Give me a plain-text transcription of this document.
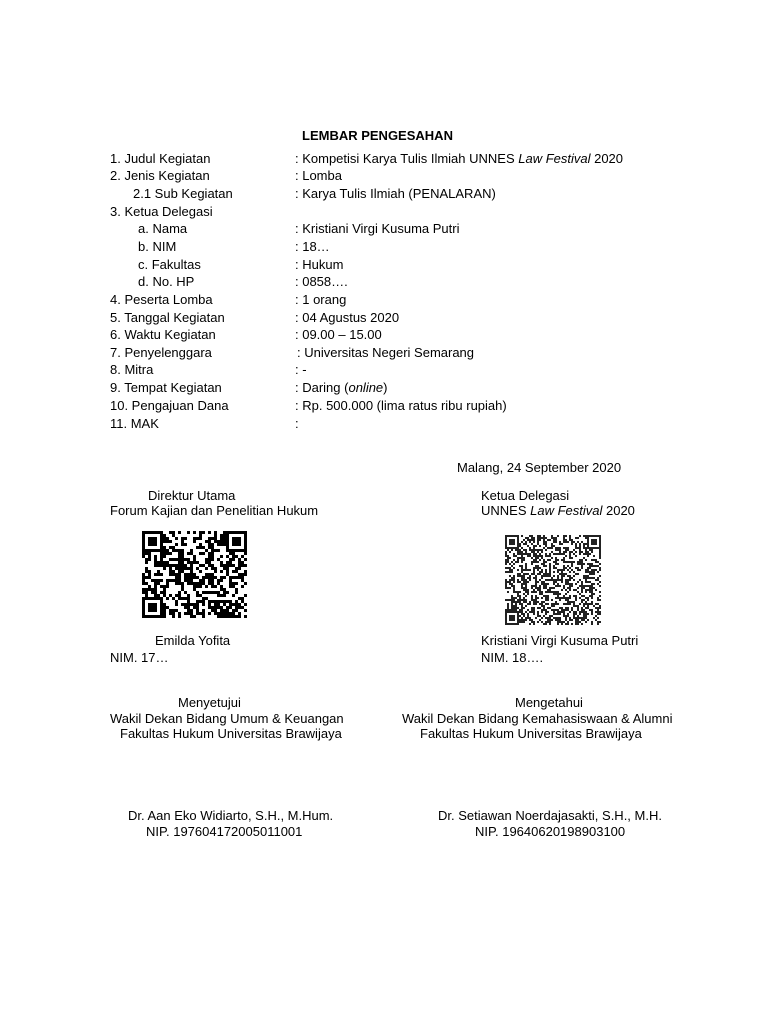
LEMBAR PENGESAHAN
1. Judul Kegiatan	: Kompetisi Karya Tulis Ilmiah UNNES Law Festival 2020
2. Jenis Kegiatan	: Lomba
2.1 Sub Kegiatan	: Karya Tulis Ilmiah (PENALARAN)
3. Ketua Delegasi
a. Nama	: Kristiani Virgi Kusuma Putri
b. NIM	: 18…
c. Fakultas	: Hukum
d. No. HP	: 0858….
4. Peserta Lomba	: 1 orang
5. Tanggal Kegiatan	: 04 Agustus 2020
6. Waktu Kegiatan	: 09.00 – 15.00
7. Penyelenggara	: Universitas Negeri Semarang
8. Mitra	: -
9. Tempat Kegiatan	: Daring (online)
10. Pengajuan Dana	: Rp. 500.000 (lima ratus ribu rupiah)
11. MAK	:
Malang, 24 September 2020
Direktur Utama
Forum Kajian dan Penelitian Hukum
Ketua Delegasi
UNNES Law Festival 2020
Emilda Yofita
NIM. 17…
Kristiani Virgi Kusuma Putri
NIM. 18….
Menyetujui
Wakil Dekan Bidang Umum & Keuangan
Fakultas Hukum Universitas Brawijaya
Mengetahui
Wakil Dekan Bidang Kemahasiswaan & Alumni
Fakultas Hukum Universitas Brawijaya
Dr. Aan Eko Widiarto, S.H., M.Hum.
NIP. 197604172005011001
Dr. Setiawan Noerdajasakti, S.H., M.H.
NIP. 19640620198903100
